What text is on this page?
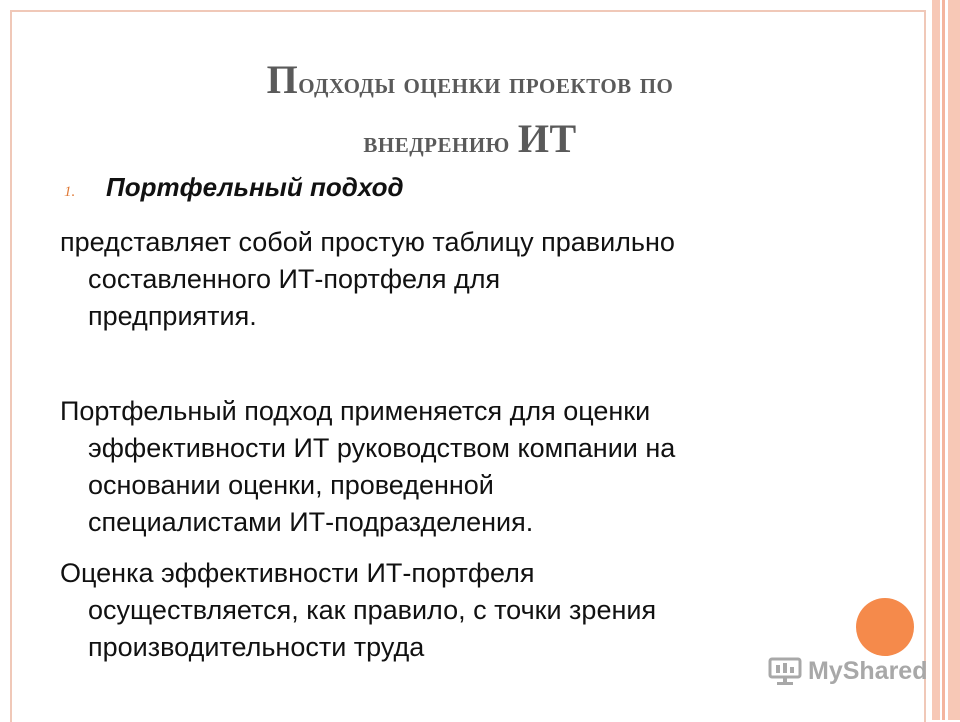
Подходы оценки проектов по
внедрению ИТ
1.	Портфельный подход
представляет собой простую таблицу правильно
составленного ИТ-портфеля для
предприятия.
Портфельный подход применяется для оценки
эффективности ИТ руководством компании на
основании оценки, проведенной
специалистами ИТ-подразделения.
Оценка эффективности ИТ-портфеля
осуществляется, как правило, с точки зрения
производительности труда
MyShared
